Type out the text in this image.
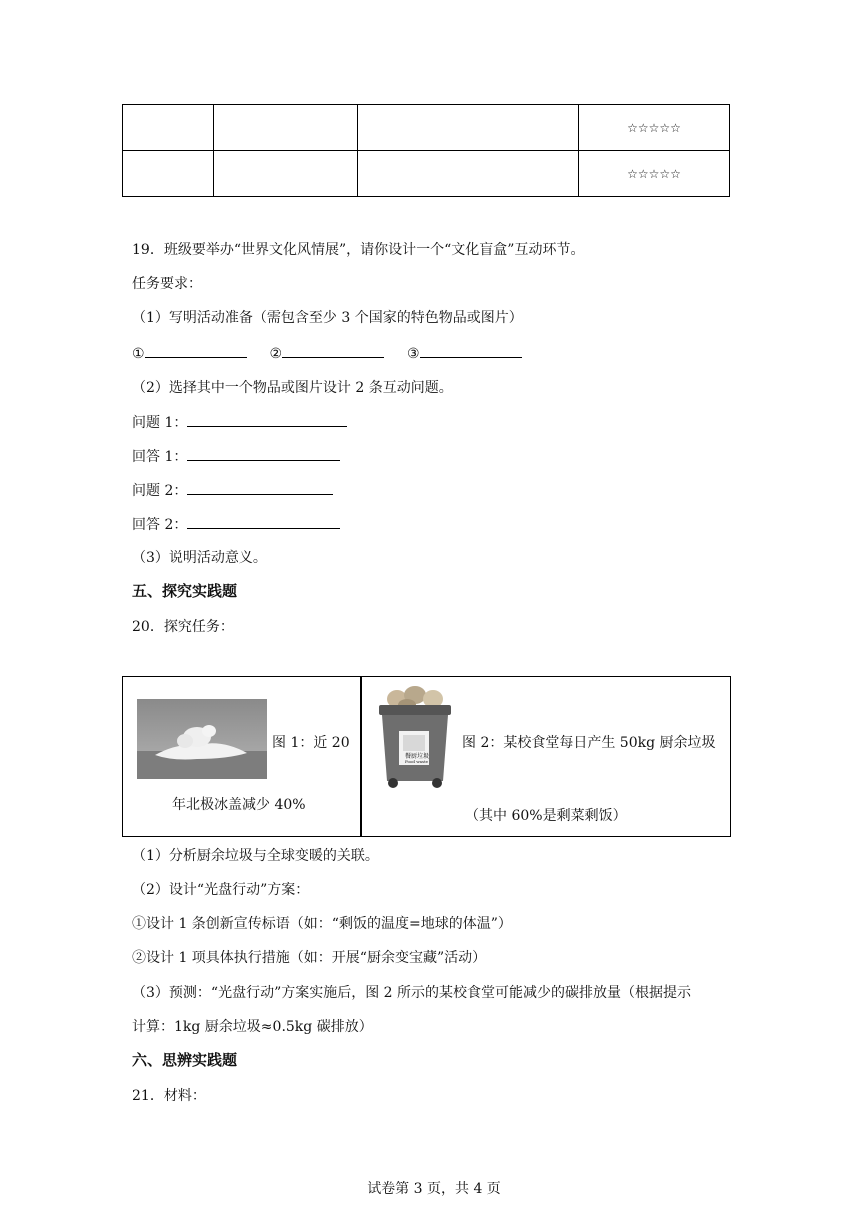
			☆☆☆☆☆
			☆☆☆☆☆
19．班级要举办“世界文化风情展”，请你设计一个“文化盲盒”互动环节。
任务要求：
（1）写明活动准备（需包含至少 3 个国家的特色物品或图片）
①	②	③
（2）选择其中一个物品或图片设计 2 条互动问题。
问题 1：
回答 1：
问题 2：
回答 2：
（3）说明活动意义。
五、探究实践题
20．探究任务：
图 1：近 20
年北极冰盖减少 40%
餐厨垃圾
Food waste
图 2：某校食堂每日产生 50kg 厨余垃圾
（其中 60%是剩菜剩饭）
（1）分析厨余垃圾与全球变暖的关联。
（2）设计“光盘行动”方案：
①设计 1 条创新宣传标语（如：“剩饭的温度=地球的体温”）
②设计 1 项具体执行措施（如：开展“厨余变宝藏”活动）
（3）预测：“光盘行动”方案实施后，图 2 所示的某校食堂可能减少的碳排放量（根据提示
计算：1kg 厨余垃圾≈0.5kg 碳排放）
六、思辨实践题
21．材料：
试卷第 3 页，共 4 页
